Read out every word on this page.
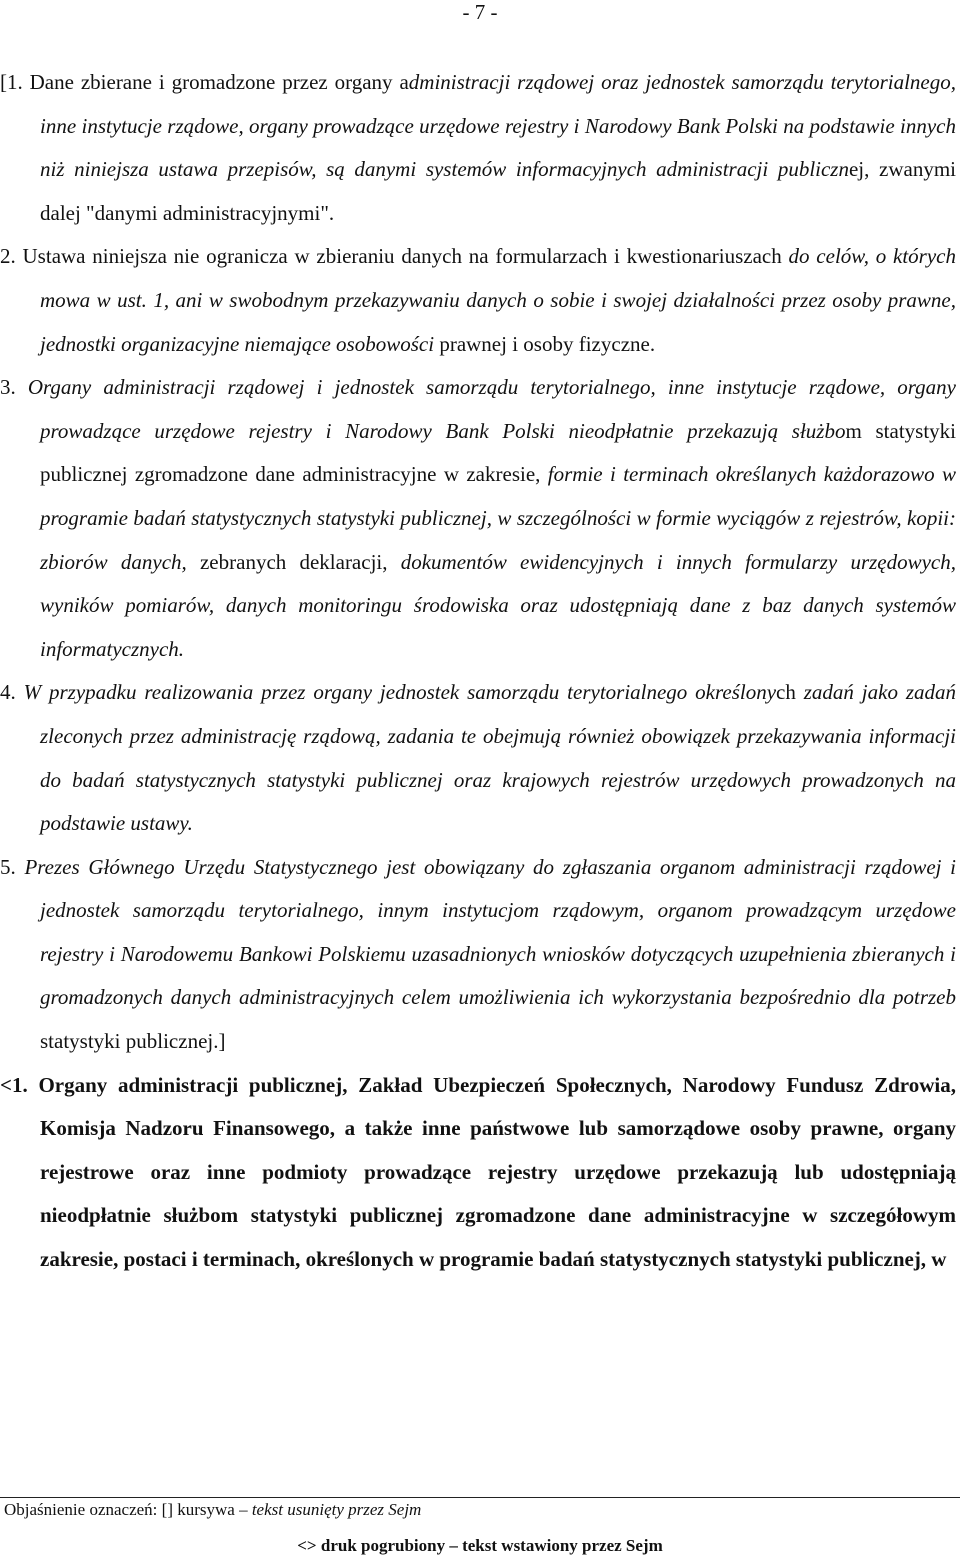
- 7 -

[1. Dane zbierane i gromadzone przez organy administracji rządowej oraz jednostek samorządu terytorialnego, inne instytucje rządowe, organy prowadzące urzędowe rejestry i Narodowy Bank Polski na podstawie innych niż niniejsza ustawa przepisów, są danymi systemów informacyjnych administracji publicznej, zwanymi dalej "danymi administracyjnymi".

2. Ustawa niniejsza nie ogranicza w zbieraniu danych na formularzach i kwestionariuszach do celów, o których mowa w ust. 1, ani w swobodnym przekazywaniu danych o sobie i swojej działalności przez osoby prawne, jednostki organizacyjne niemające osobowości prawnej i osoby fizyczne.

3. Organy administracji rządowej i jednostek samorządu terytorialnego, inne instytucje rządowe, organy prowadzące urzędowe rejestry i Narodowy Bank Polski nieodpłatnie przekazują służbom statystyki publicznej zgromadzone dane administracyjne w zakresie, formie i terminach określanych każdorazowo w programie badań statystycznych statystyki publicznej, w szczególności w formie wyciągów z rejestrów, kopii: zbiorów danych, zebranych deklaracji, dokumentów ewidencyjnych i innych formularzy urzędowych, wyników pomiarów, danych monitoringu środowiska oraz udostępniają dane z baz danych systemów informatycznych.

4. W przypadku realizowania przez organy jednostek samorządu terytorialnego określonych zadań jako zadań zleconych przez administrację rządową, zadania te obejmują również obowiązek przekazywania informacji do badań statystycznych statystyki publicznej oraz krajowych rejestrów urzędowych prowadzonych na podstawie ustawy.

5. Prezes Głównego Urzędu Statystycznego jest obowiązany do zgłaszania organom administracji rządowej i jednostek samorządu terytorialnego, innym instytucjom rządowym, organom prowadzącym urzędowe rejestry i Narodowemu Bankowi Polskiemu uzasadnionych wniosków dotyczących uzupełnienia zbieranych i gromadzonych danych administracyjnych celem umożliwienia ich wykorzystania bezpośrednio dla potrzeb statystyki publicznej.]

<1. Organy administracji publicznej, Zakład Ubezpieczeń Społecznych, Narodowy Fundusz Zdrowia, Komisja Nadzoru Finansowego, a także inne państwowe lub samorządowe osoby prawne, organy rejestrowe oraz inne podmioty prowadzące rejestry urzędowe przekazują lub udostępniają nieodpłatnie służbom statystyki publicznej zgromadzone dane administracyjne w szczegółowym zakresie, postaci i terminach, określonych w programie badań statystycznych statystyki publicznej, w

Objaśnienie oznaczeń: [] kursywa – tekst usunięty przez Sejm
<> druk pogrubiony – tekst wstawiony przez Sejm
